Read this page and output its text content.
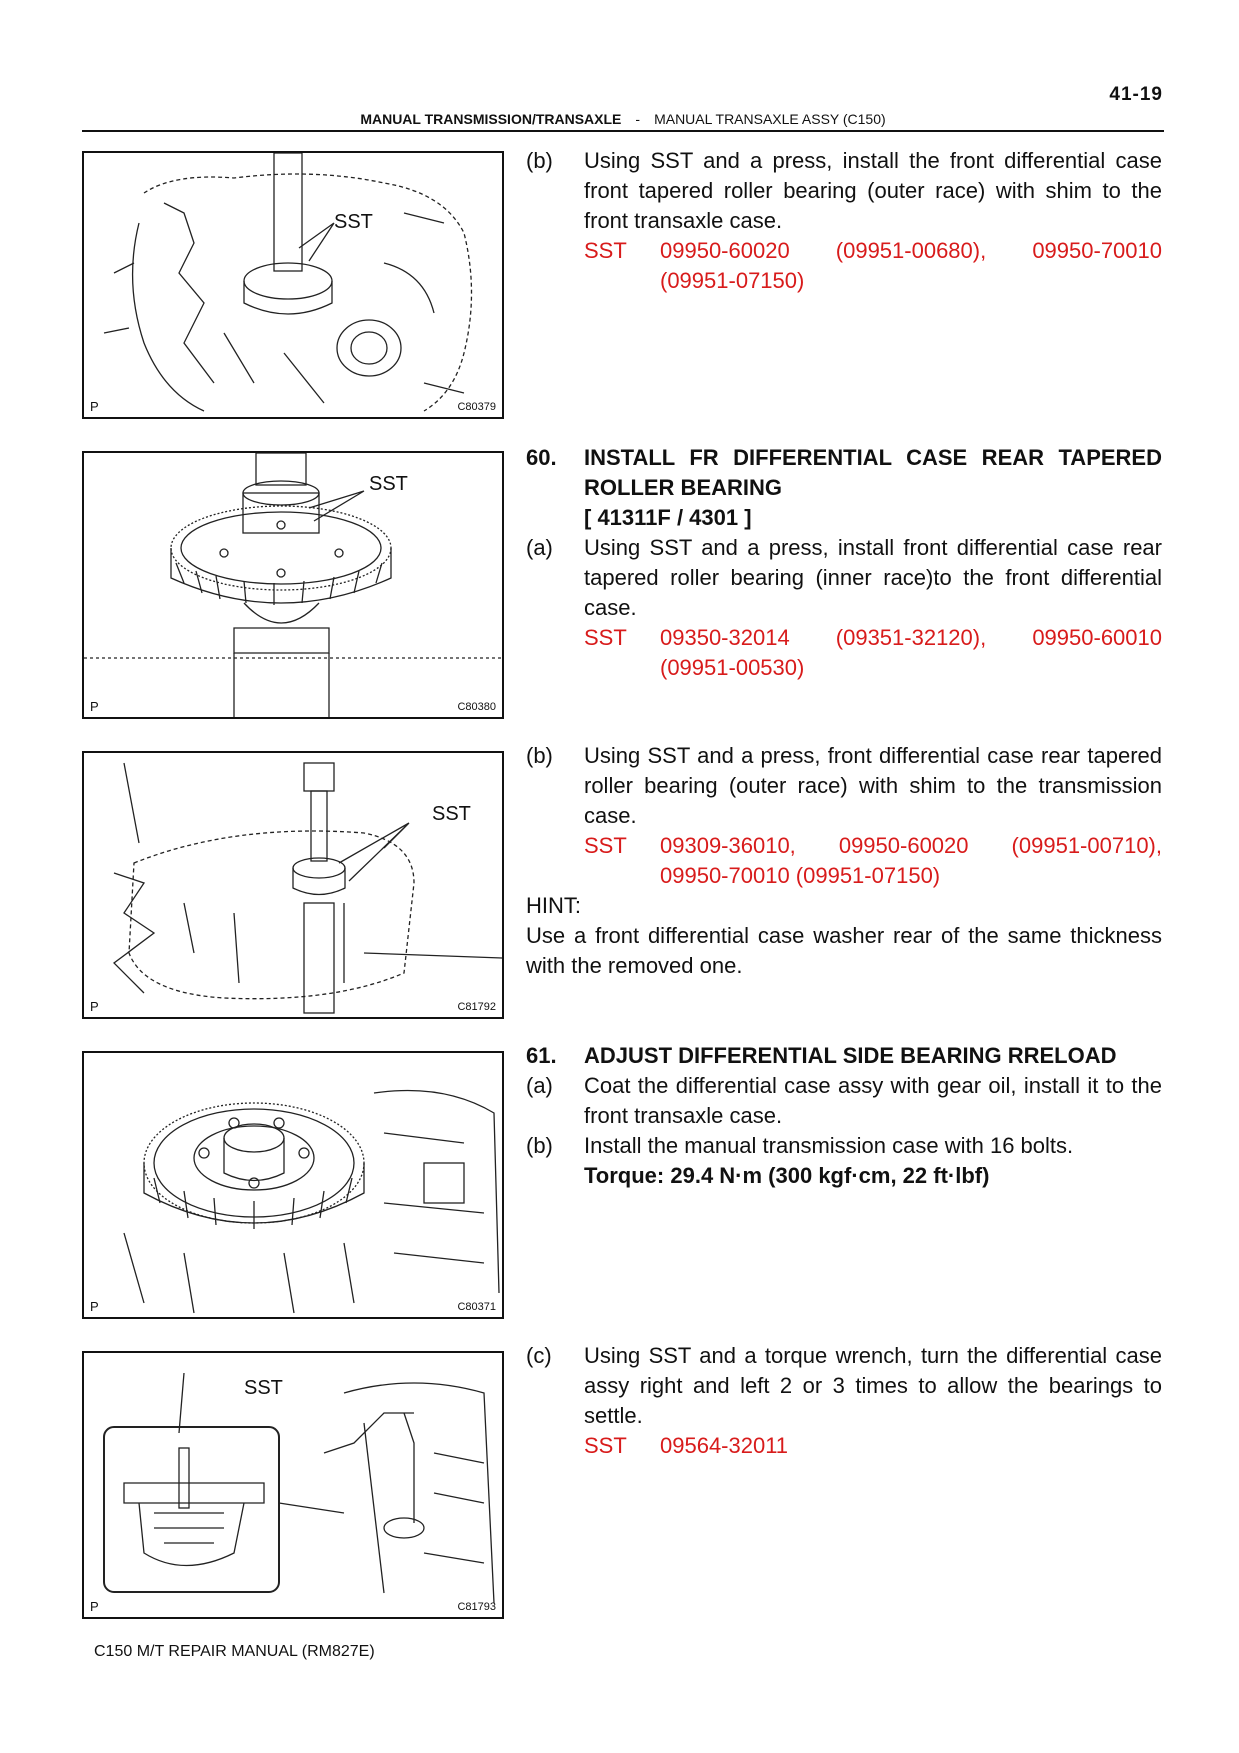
41-19
MANUAL TRANSMISSION/TRANSAXLE - MANUAL TRANSAXLE ASSY (C150)
SST
P	C80379
SST
P	C80380
SST
P	C81792
P	C80371
SST
P	C81793
(b) Using SST and a press, install the front differential case front tapered roller bearing (outer race) with shim to the front transaxle case.
SST 09950-60020 (09951-00680), 09950-70010 (09951-07150)
60. INSTALL FR DIFFERENTIAL CASE REAR TAPERED ROLLER BEARING
[ 41311F / 4301 ]
(a) Using SST and a press, install front differential case rear tapered roller bearing (inner race)to the front differential case.
SST 09350-32014 (09351-32120), 09950-60010 (09951-00530)
(b) Using SST and a press, front differential case rear tapered roller bearing (outer race) with shim to the transmission case.
SST 09309-36010, 09950-60020 (09951-00710), 09950-70010 (09951-07150)
HINT:
Use a front differential case washer rear of the same thickness with the removed one.
61. ADJUST DIFFERENTIAL SIDE BEARING RRELOAD
(a) Coat the differential case assy with gear oil, install it to the front transaxle case.
(b) Install the manual transmission case with 16 bolts.
Torque: 29.4 N·m (300 kgf·cm, 22 ft·lbf)
(c) Using SST and a torque wrench, turn the differential case assy right and left 2 or 3 times to allow the bearings to settle.
SST 09564-32011
C150 M/T REPAIR MANUAL (RM827E)
